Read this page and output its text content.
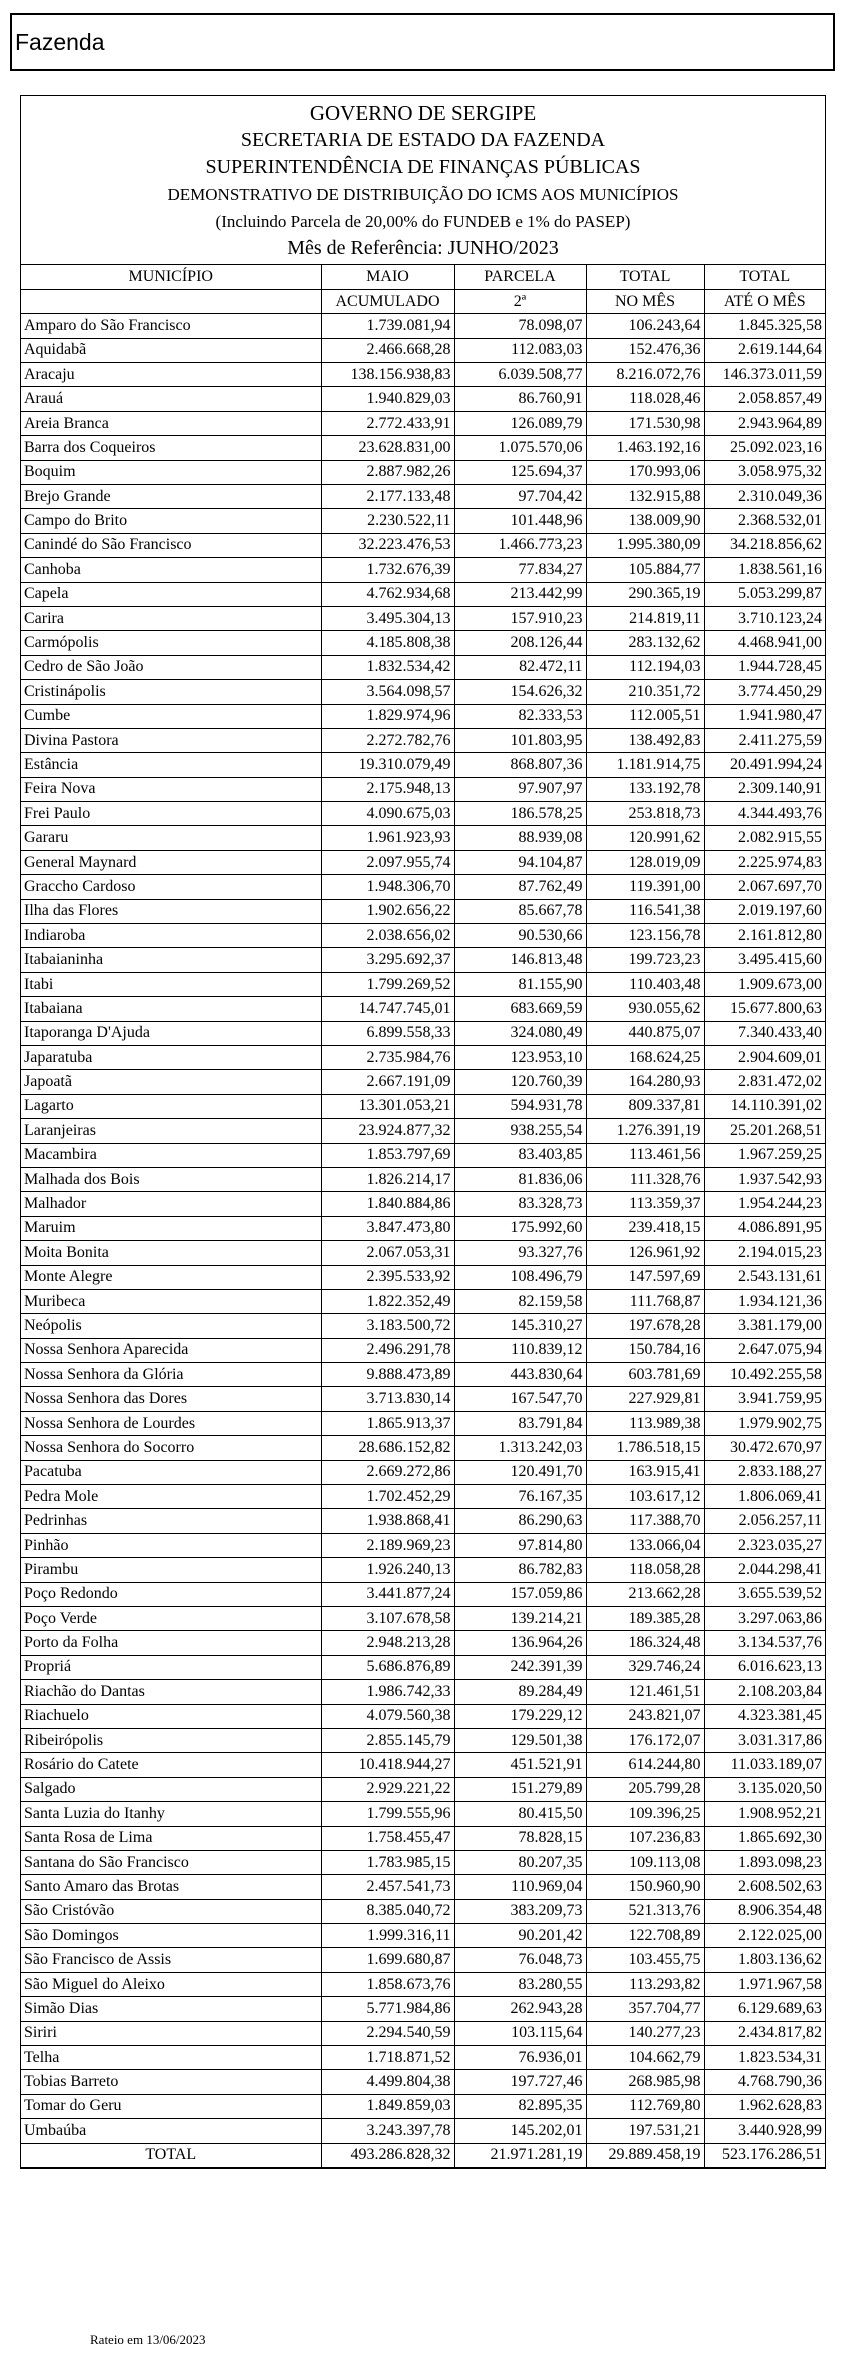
Fazenda
GOVERNO DE SERGIPE
SECRETARIA DE ESTADO DA FAZENDA
SUPERINTENDÊNCIA DE FINANÇAS PÚBLICAS
DEMONSTRATIVO DE DISTRIBUIÇÃO DO ICMS AOS MUNICÍPIOS
(Incluindo Parcela de 20,00% do FUNDEB e 1% do PASEP)
Mês de Referência: JUNHO/2023
MUNICÍPIO	MAIO	PARCELA	TOTAL	TOTAL
	ACUMULADO	2ª	NO MÊS	ATÉ O MÊS
Amparo do São Francisco	1.739.081,94	78.098,07	106.243,64	1.845.325,58
Aquidabã	2.466.668,28	112.083,03	152.476,36	2.619.144,64
Aracaju	138.156.938,83	6.039.508,77	8.216.072,76	146.373.011,59
Arauá	1.940.829,03	86.760,91	118.028,46	2.058.857,49
Areia Branca	2.772.433,91	126.089,79	171.530,98	2.943.964,89
Barra dos Coqueiros	23.628.831,00	1.075.570,06	1.463.192,16	25.092.023,16
Boquim	2.887.982,26	125.694,37	170.993,06	3.058.975,32
Brejo Grande	2.177.133,48	97.704,42	132.915,88	2.310.049,36
Campo do Brito	2.230.522,11	101.448,96	138.009,90	2.368.532,01
Canindé do São Francisco	32.223.476,53	1.466.773,23	1.995.380,09	34.218.856,62
Canhoba	1.732.676,39	77.834,27	105.884,77	1.838.561,16
Capela	4.762.934,68	213.442,99	290.365,19	5.053.299,87
Carira	3.495.304,13	157.910,23	214.819,11	3.710.123,24
Carmópolis	4.185.808,38	208.126,44	283.132,62	4.468.941,00
Cedro de São João	1.832.534,42	82.472,11	112.194,03	1.944.728,45
Cristinápolis	3.564.098,57	154.626,32	210.351,72	3.774.450,29
Cumbe	1.829.974,96	82.333,53	112.005,51	1.941.980,47
Divina Pastora	2.272.782,76	101.803,95	138.492,83	2.411.275,59
Estância	19.310.079,49	868.807,36	1.181.914,75	20.491.994,24
Feira Nova	2.175.948,13	97.907,97	133.192,78	2.309.140,91
Frei Paulo	4.090.675,03	186.578,25	253.818,73	4.344.493,76
Gararu	1.961.923,93	88.939,08	120.991,62	2.082.915,55
General Maynard	2.097.955,74	94.104,87	128.019,09	2.225.974,83
Graccho Cardoso	1.948.306,70	87.762,49	119.391,00	2.067.697,70
Ilha das Flores	1.902.656,22	85.667,78	116.541,38	2.019.197,60
Indiaroba	2.038.656,02	90.530,66	123.156,78	2.161.812,80
Itabaianinha	3.295.692,37	146.813,48	199.723,23	3.495.415,60
Itabi	1.799.269,52	81.155,90	110.403,48	1.909.673,00
Itabaiana	14.747.745,01	683.669,59	930.055,62	15.677.800,63
Itaporanga D'Ajuda	6.899.558,33	324.080,49	440.875,07	7.340.433,40
Japaratuba	2.735.984,76	123.953,10	168.624,25	2.904.609,01
Japoatã	2.667.191,09	120.760,39	164.280,93	2.831.472,02
Lagarto	13.301.053,21	594.931,78	809.337,81	14.110.391,02
Laranjeiras	23.924.877,32	938.255,54	1.276.391,19	25.201.268,51
Macambira	1.853.797,69	83.403,85	113.461,56	1.967.259,25
Malhada dos Bois	1.826.214,17	81.836,06	111.328,76	1.937.542,93
Malhador	1.840.884,86	83.328,73	113.359,37	1.954.244,23
Maruim	3.847.473,80	175.992,60	239.418,15	4.086.891,95
Moita Bonita	2.067.053,31	93.327,76	126.961,92	2.194.015,23
Monte Alegre	2.395.533,92	108.496,79	147.597,69	2.543.131,61
Muribeca	1.822.352,49	82.159,58	111.768,87	1.934.121,36
Neópolis	3.183.500,72	145.310,27	197.678,28	3.381.179,00
Nossa Senhora Aparecida	2.496.291,78	110.839,12	150.784,16	2.647.075,94
Nossa Senhora da Glória	9.888.473,89	443.830,64	603.781,69	10.492.255,58
Nossa Senhora das Dores	3.713.830,14	167.547,70	227.929,81	3.941.759,95
Nossa Senhora de Lourdes	1.865.913,37	83.791,84	113.989,38	1.979.902,75
Nossa Senhora do Socorro	28.686.152,82	1.313.242,03	1.786.518,15	30.472.670,97
Pacatuba	2.669.272,86	120.491,70	163.915,41	2.833.188,27
Pedra Mole	1.702.452,29	76.167,35	103.617,12	1.806.069,41
Pedrinhas	1.938.868,41	86.290,63	117.388,70	2.056.257,11
Pinhão	2.189.969,23	97.814,80	133.066,04	2.323.035,27
Pirambu	1.926.240,13	86.782,83	118.058,28	2.044.298,41
Poço Redondo	3.441.877,24	157.059,86	213.662,28	3.655.539,52
Poço Verde	3.107.678,58	139.214,21	189.385,28	3.297.063,86
Porto da Folha	2.948.213,28	136.964,26	186.324,48	3.134.537,76
Propriá	5.686.876,89	242.391,39	329.746,24	6.016.623,13
Riachão do Dantas	1.986.742,33	89.284,49	121.461,51	2.108.203,84
Riachuelo	4.079.560,38	179.229,12	243.821,07	4.323.381,45
Ribeirópolis	2.855.145,79	129.501,38	176.172,07	3.031.317,86
Rosário do Catete	10.418.944,27	451.521,91	614.244,80	11.033.189,07
Salgado	2.929.221,22	151.279,89	205.799,28	3.135.020,50
Santa Luzia do Itanhy	1.799.555,96	80.415,50	109.396,25	1.908.952,21
Santa Rosa de Lima	1.758.455,47	78.828,15	107.236,83	1.865.692,30
Santana do São Francisco	1.783.985,15	80.207,35	109.113,08	1.893.098,23
Santo Amaro das Brotas	2.457.541,73	110.969,04	150.960,90	2.608.502,63
São Cristóvão	8.385.040,72	383.209,73	521.313,76	8.906.354,48
São Domingos	1.999.316,11	90.201,42	122.708,89	2.122.025,00
São Francisco de Assis	1.699.680,87	76.048,73	103.455,75	1.803.136,62
São Miguel do Aleixo	1.858.673,76	83.280,55	113.293,82	1.971.967,58
Simão Dias	5.771.984,86	262.943,28	357.704,77	6.129.689,63
Siriri	2.294.540,59	103.115,64	140.277,23	2.434.817,82
Telha	1.718.871,52	76.936,01	104.662,79	1.823.534,31
Tobias Barreto	4.499.804,38	197.727,46	268.985,98	4.768.790,36
Tomar do Geru	1.849.859,03	82.895,35	112.769,80	1.962.628,83
Umbaúba	3.243.397,78	145.202,01	197.531,21	3.440.928,99
TOTAL	493.286.828,32	21.971.281,19	29.889.458,19	523.176.286,51
Rateio em 13/06/2023
